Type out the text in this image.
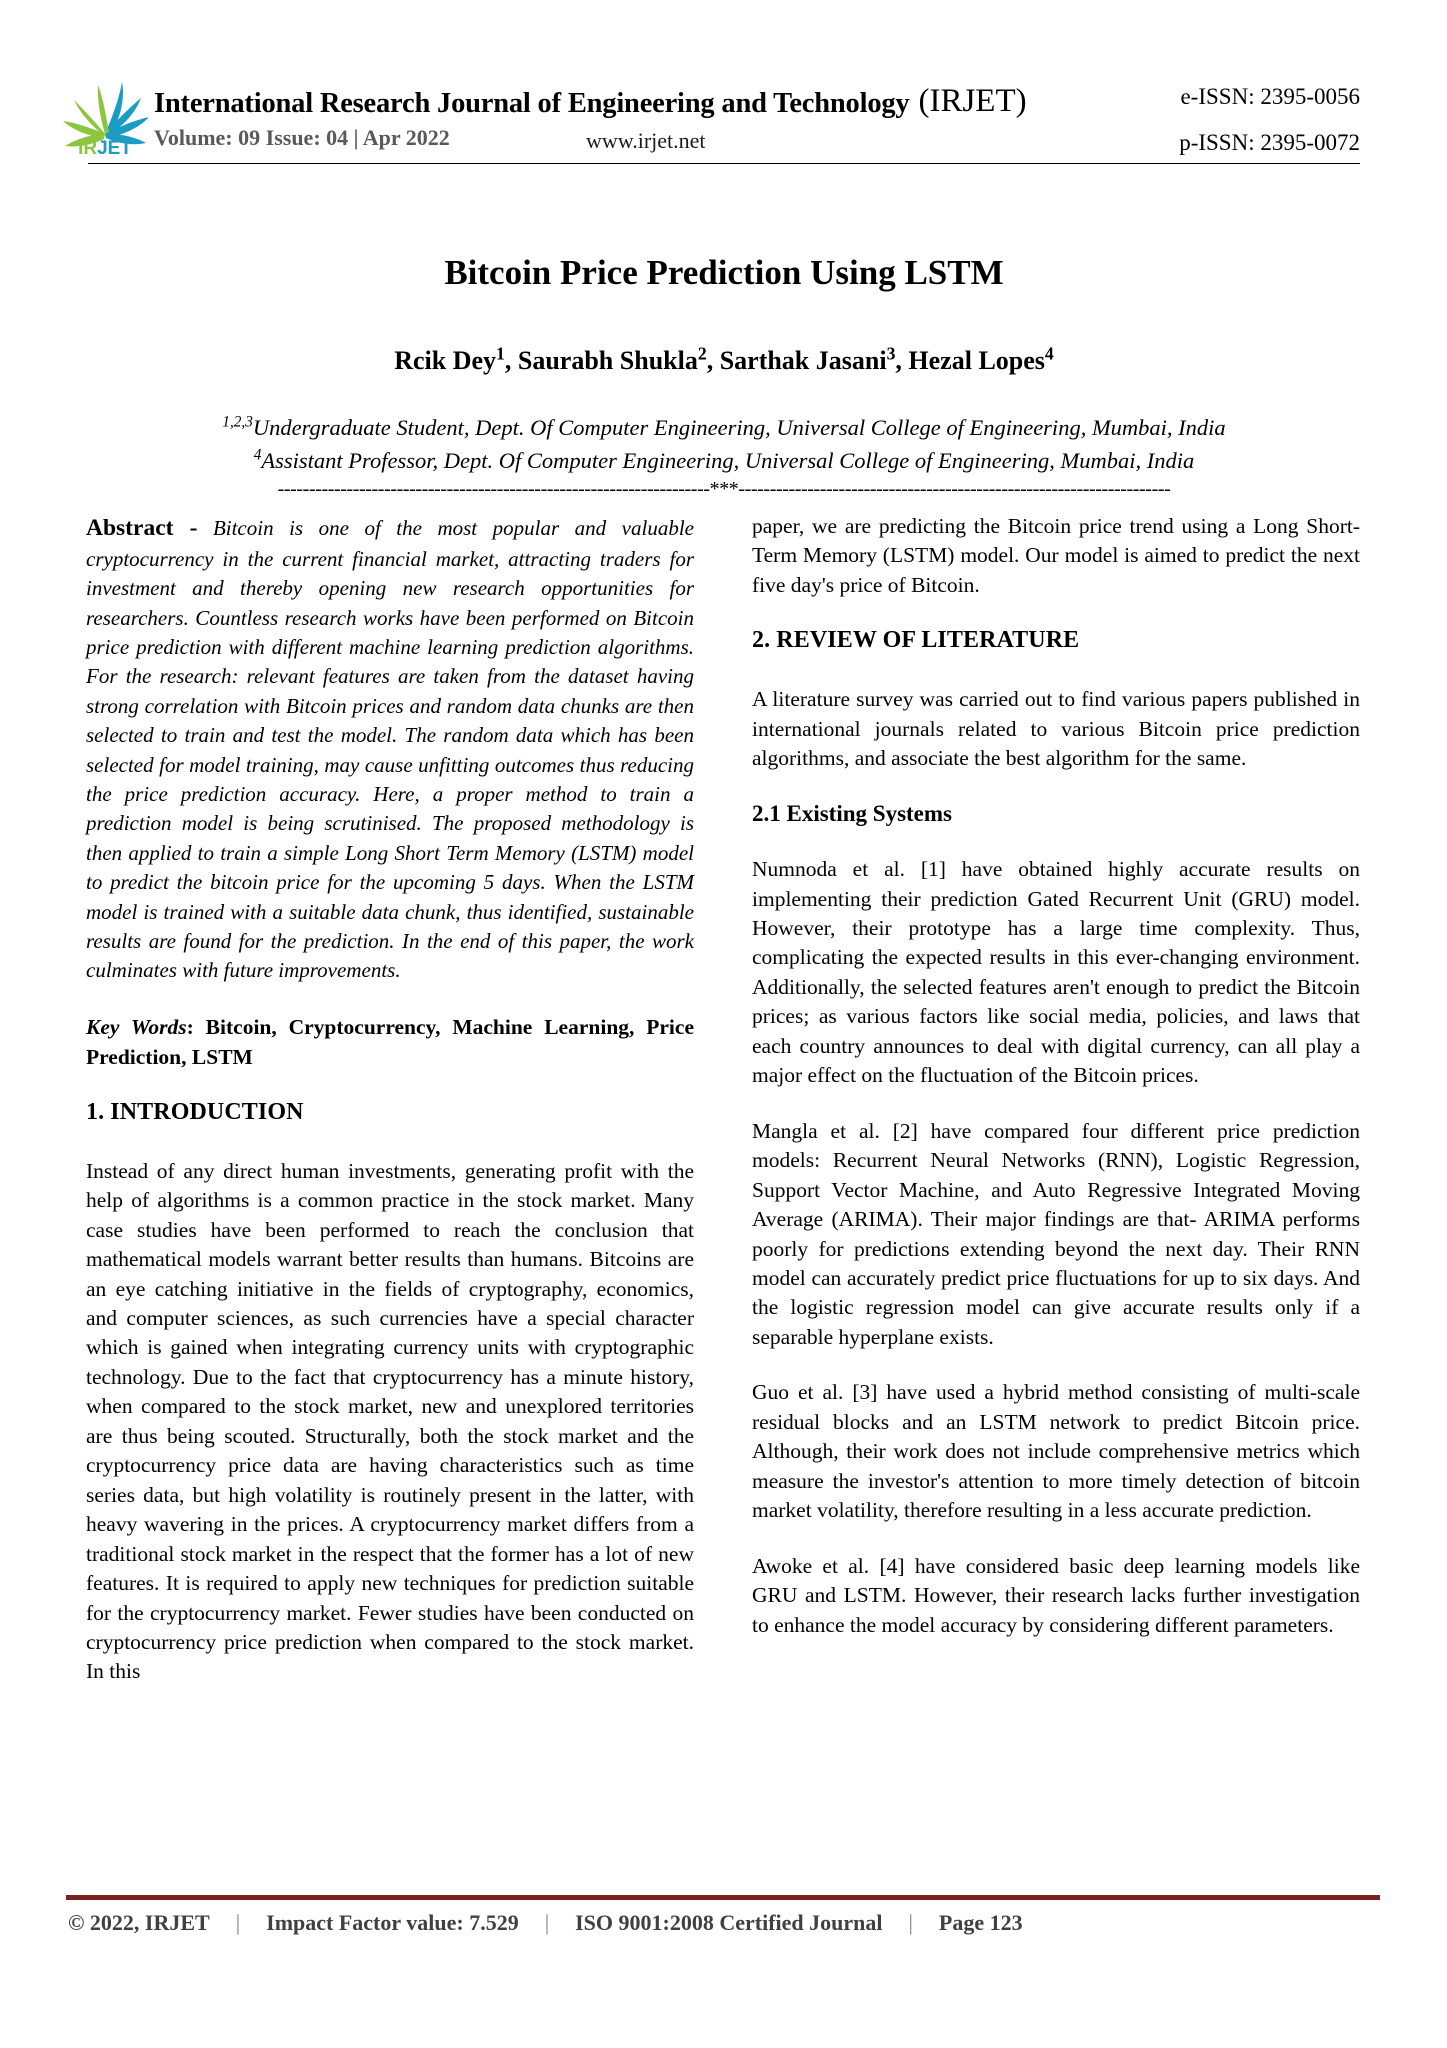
IRJET
International Research Journal of Engineering and Technology (IRJET)
Volume: 09 Issue: 04 | Apr 2022	www.irjet.net
e-ISSN: 2395-0056
p-ISSN: 2395-0072
Bitcoin Price Prediction Using LSTM
Rcik Dey$^1$, Saurabh Shukla$^2$, Sarthak Jasani$^3$, Hezal Lopes$^4$
$^{1,2,3}$Undergraduate Student, Dept. Of Computer Engineering, Universal College of Engineering, Mumbai, India
$^4$Assistant Professor, Dept. Of Computer Engineering, Universal College of Engineering, Mumbai, India
---------------------------------------------------------------------***---------------------------------------------------------------------

Abstract - Bitcoin is one of the most popular and valuable cryptocurrency in the current financial market, attracting traders for investment and thereby opening new research opportunities for researchers. Countless research works have been performed on Bitcoin price prediction with different machine learning prediction algorithms. For the research: relevant features are taken from the dataset having strong correlation with Bitcoin prices and random data chunks are then selected to train and test the model. The random data which has been selected for model training, may cause unfitting outcomes thus reducing the price prediction accuracy. Here, a proper method to train a prediction model is being scrutinised. The proposed methodology is then applied to train a simple Long Short Term Memory (LSTM) model to predict the bitcoin price for the upcoming 5 days. When the LSTM model is trained with a suitable data chunk, thus identified, sustainable results are found for the prediction. In the end of this paper, the work culminates with future improvements.

Key Words: Bitcoin, Cryptocurrency, Machine Learning, Price Prediction, LSTM

1. INTRODUCTION

Instead of any direct human investments, generating profit with the help of algorithms is a common practice in the stock market. Many case studies have been performed to reach the conclusion that mathematical models warrant better results than humans. Bitcoins are an eye catching initiative in the fields of cryptography, economics, and computer sciences, as such currencies have a special character which is gained when integrating currency units with cryptographic technology. Due to the fact that cryptocurrency has a minute history, when compared to the stock market, new and unexplored territories are thus being scouted. Structurally, both the stock market and the cryptocurrency price data are having characteristics such as time series data, but high volatility is routinely present in the latter, with heavy wavering in the prices. A cryptocurrency market differs from a traditional stock market in the respect that the former has a lot of new features. It is required to apply new techniques for prediction suitable for the cryptocurrency market. Fewer studies have been conducted on cryptocurrency price prediction when compared to the stock market. In this

paper, we are predicting the Bitcoin price trend using a Long Short-Term Memory (LSTM) model. Our model is aimed to predict the next five day's price of Bitcoin.

2. REVIEW OF LITERATURE

A literature survey was carried out to find various papers published in international journals related to various Bitcoin price prediction algorithms, and associate the best algorithm for the same.

2.1 Existing Systems

Numnoda et al. [1] have obtained highly accurate results on implementing their prediction Gated Recurrent Unit (GRU) model. However, their prototype has a large time complexity. Thus, complicating the expected results in this ever-changing environment. Additionally, the selected features aren't enough to predict the Bitcoin prices; as various factors like social media, policies, and laws that each country announces to deal with digital currency, can all play a major effect on the fluctuation of the Bitcoin prices.

Mangla et al. [2] have compared four different price prediction models: Recurrent Neural Networks (RNN), Logistic Regression, Support Vector Machine, and Auto Regressive Integrated Moving Average (ARIMA). Their major findings are that- ARIMA performs poorly for predictions extending beyond the next day. Their RNN model can accurately predict price fluctuations for up to six days. And the logistic regression model can give accurate results only if a separable hyperplane exists.

Guo et al. [3] have used a hybrid method consisting of multi-scale residual blocks and an LSTM network to predict Bitcoin price. Although, their work does not include comprehensive metrics which measure the investor's attention to more timely detection of bitcoin market volatility, therefore resulting in a less accurate prediction.

Awoke et al. [4] have considered basic deep learning models like GRU and LSTM. However, their research lacks further investigation to enhance the model accuracy by considering different parameters.

© 2022, IRJET	|	Impact Factor value: 7.529	|	ISO 9001:2008 Certified Journal	|	Page 123
